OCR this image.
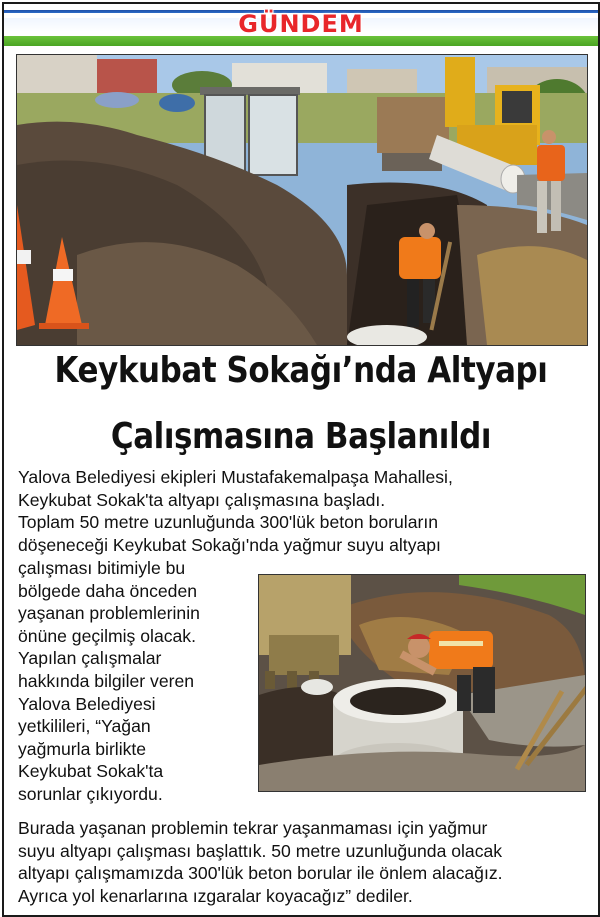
GÜNDEM
Keykubat Sokağı’nda Altyapı
Çalışmasına Başlanıldı
Yalova Belediyesi ekipleri Mustafakemalpaşa Mahallesi,
Keykubat Sokak'ta altyapı çalışmasına başladı.
Toplam 50 metre uzunluğunda 300'lük beton boruların
döşeneceği Keykubat Sokağı'nda yağmur suyu altyapı
çalışması bitimiyle bu
bölgede daha önceden
yaşanan problemlerinin
önüne geçilmiş olacak.
Yapılan çalışmalar
hakkında bilgiler veren
Yalova Belediyesi
yetkilileri, “Yağan
yağmurla birlikte
Keykubat Sokak'ta
sorunlar çıkıyordu.
Burada yaşanan problemin tekrar yaşanmaması için yağmur
suyu altyapı çalışması başlattık. 50 metre uzunluğunda olacak
altyapı çalışmamızda 300'lük beton borular ile önlem alacağız.
Ayrıca yol kenarlarına ızgaralar koyacağız” dediler.
